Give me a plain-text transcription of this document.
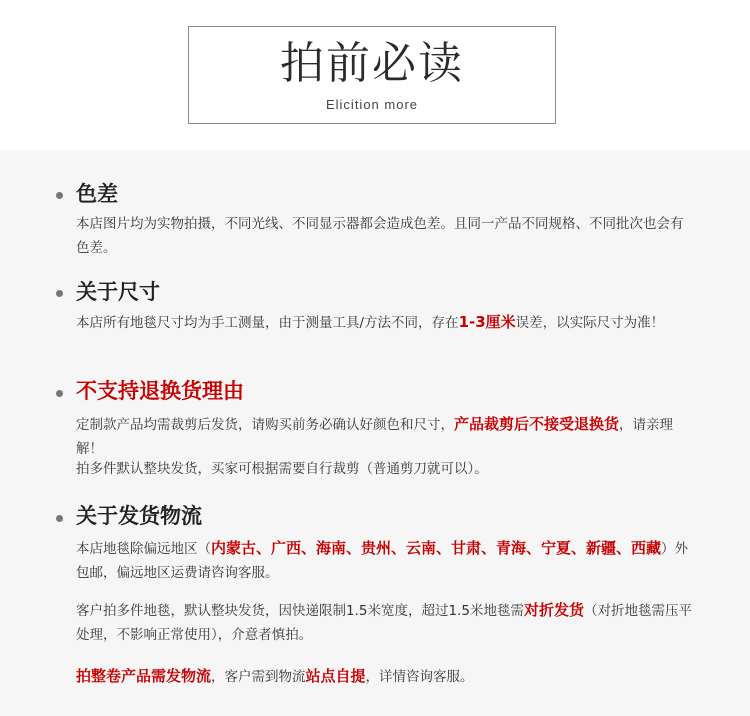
拍前必读
Elicition more
色差

本店图片均为实物拍摄，不同光线、不同显示器都会造成色差。且同一产品不同规格、不同批次也会有色差。

关于尺寸

本店所有地毯尺寸均为手工测量，由于测量工具/方法不同，存在1-3厘米误差，以实际尺寸为准！

不支持退换货理由

定制款产品均需裁剪后发货，请购买前务必确认好颜色和尺寸，产品裁剪后不接受退换货，请亲理解！

拍多件默认整块发货，买家可根据需要自行裁剪（普通剪刀就可以）。

关于发货物流

本店地毯除偏远地区（内蒙古、广西、海南、贵州、云南、甘肃、青海、宁夏、新疆、西藏）外包邮，偏远地区运费请咨询客服。

客户拍多件地毯，默认整块发货，因快递限制1.5米宽度，超过1.5米地毯需对折发货（对折地毯需压平处理，不影响正常使用），介意者慎拍。

拍整卷产品需发物流，客户需到物流站点自提，详情咨询客服。
